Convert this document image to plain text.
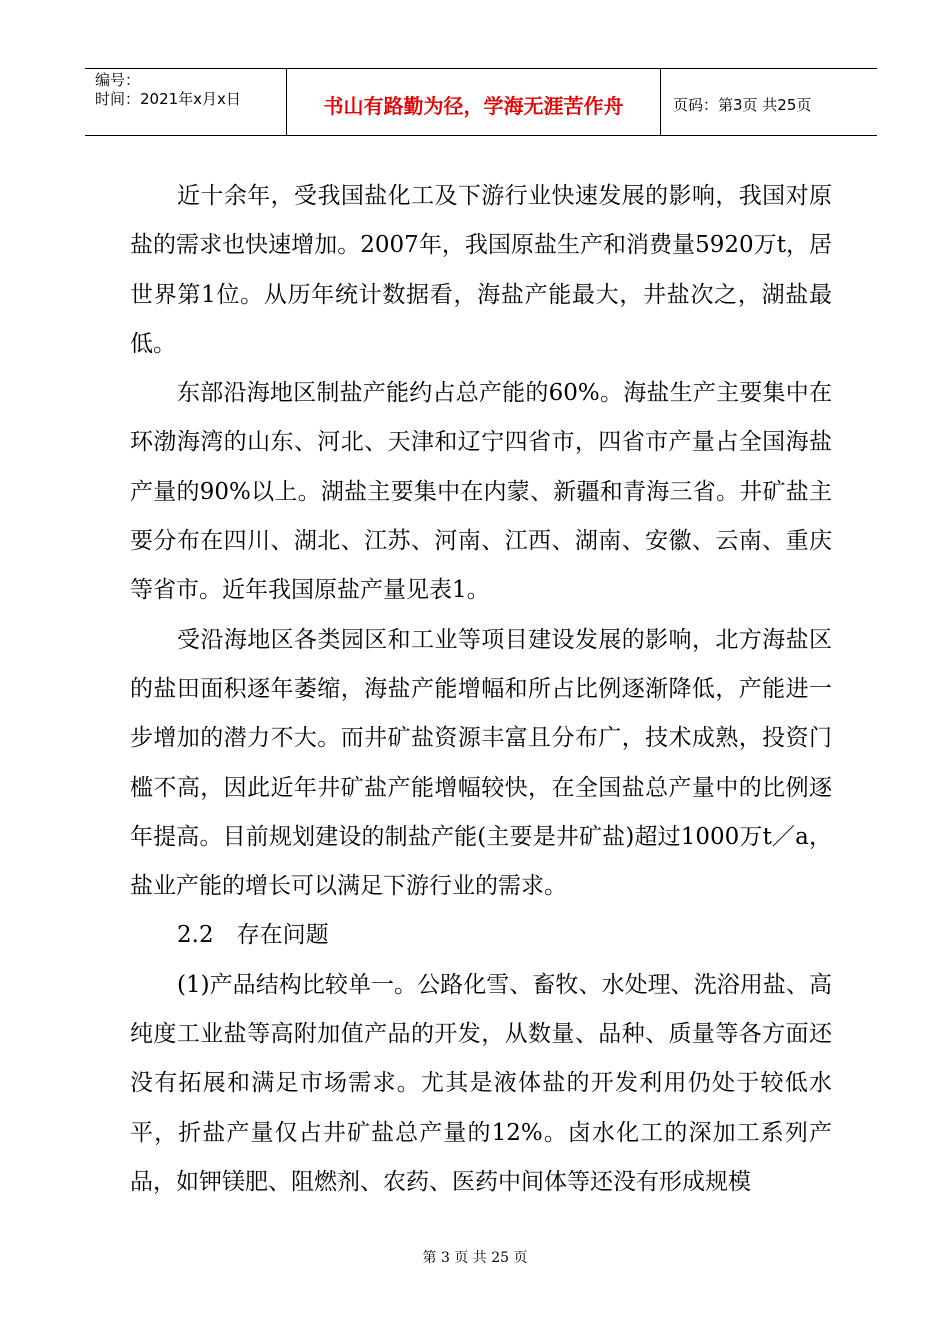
编号：
时间：2021年x月x日	书山有路勤为径，学海无涯苦作舟	页码：第3页 共25页

近十余年，受我国盐化工及下游行业快速发展的影响，我国对原盐的需求也快速增加。2007年，我国原盐生产和消费量5920万t，居世界第1位。从历年统计数据看，海盐产能最大，井盐次之，湖盐最低。

东部沿海地区制盐产能约占总产能的60%。海盐生产主要集中在环渤海湾的山东、河北、天津和辽宁四省市，四省市产量占全国海盐产量的90%以上。湖盐主要集中在内蒙、新疆和青海三省。井矿盐主要分布在四川、湖北、江苏、河南、江西、湖南、安徽、云南、重庆等省市。近年我国原盐产量见表1。

受沿海地区各类园区和工业等项目建设发展的影响，北方海盐区的盐田面积逐年萎缩，海盐产能增幅和所占比例逐渐降低，产能进一步增加的潜力不大。而井矿盐资源丰富且分布广，技术成熟，投资门槛不高，因此近年井矿盐产能增幅较快，在全国盐总产量中的比例逐年提高。目前规划建设的制盐产能(主要是井矿盐)超过1000万t／a，盐业产能的增长可以满足下游行业的需求。

2.2　存在问题

(1)产品结构比较单一。公路化雪、畜牧、水处理、洗浴用盐、高纯度工业盐等高附加值产品的开发，从数量、品种、质量等各方面还没有拓展和满足市场需求。尤其是液体盐的开发利用仍处于较低水平，折盐产量仅占井矿盐总产量的12%。卤水化工的深加工系列产品，如钾镁肥、阻燃剂、农药、医药中间体等还没有形成规模

第 3 页 共 25 页
